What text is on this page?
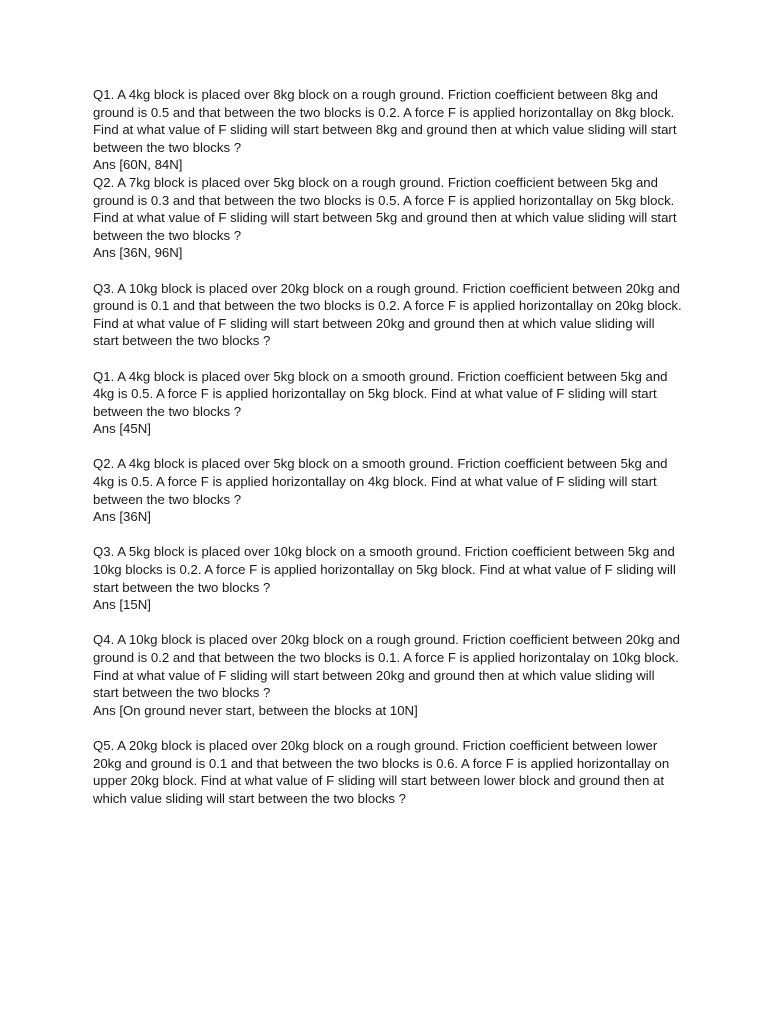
Q1. A 4kg block is placed over 8kg block on a rough ground. Friction coefficient between 8kg and ground is 0.5 and that between the two blocks is 0.2. A force F is applied horizontallay on 8kg block. Find at what value of F sliding will start between 8kg and ground then at which value sliding will start between the two blocks ?

Ans [60N, 84N]

Q2. A 7kg block is placed over 5kg block on a rough ground. Friction coefficient between 5kg and ground is 0.3 and that between the two blocks is 0.5. A force F is applied horizontallay on 5kg block. Find at what value of F sliding will start between 5kg and ground then at which value sliding will start between the two blocks ?

Ans [36N, 96N]

Q3. A 10kg block is placed over 20kg block on a rough ground. Friction coefficient between 20kg and ground is 0.1 and that between the two blocks is 0.2. A force F is applied horizontallay on 20kg block. Find at what value of F sliding will start between 20kg and ground then at which value sliding will start between the two blocks ?

Q1. A 4kg block is placed over 5kg block on a smooth ground. Friction coefficient between 5kg and 4kg is 0.5. A force F is applied horizontallay on 5kg block. Find at what value of F sliding will start between the two blocks ?

Ans [45N]

Q2. A 4kg block is placed over 5kg block on a smooth ground. Friction coefficient between 5kg and 4kg is 0.5. A force F is applied horizontallay on 4kg block. Find at what value of F sliding will start between the two blocks ?

Ans [36N]

Q3. A 5kg block is placed over 10kg block on a smooth ground. Friction coefficient between 5kg and 10kg blocks is 0.2. A force F is applied horizontallay on 5kg block. Find at what value of F sliding will start between the two blocks ?

Ans [15N]

Q4. A 10kg block is placed over 20kg block on a rough ground. Friction coefficient between 20kg and ground is 0.2 and that between the two blocks is 0.1. A force F is applied horizontalay on 10kg block. Find at what value of F sliding will start between 20kg and ground then at which value sliding will start between the two blocks ?

Ans [On ground never start, between the blocks at 10N]

Q5. A 20kg block is placed over 20kg block on a rough ground. Friction coefficient between lower 20kg and ground is 0.1 and that between the two blocks is 0.6. A force F is applied horizontallay on upper 20kg block. Find at what value of F sliding will start between lower block and ground then at which value sliding will start between the two blocks ?
